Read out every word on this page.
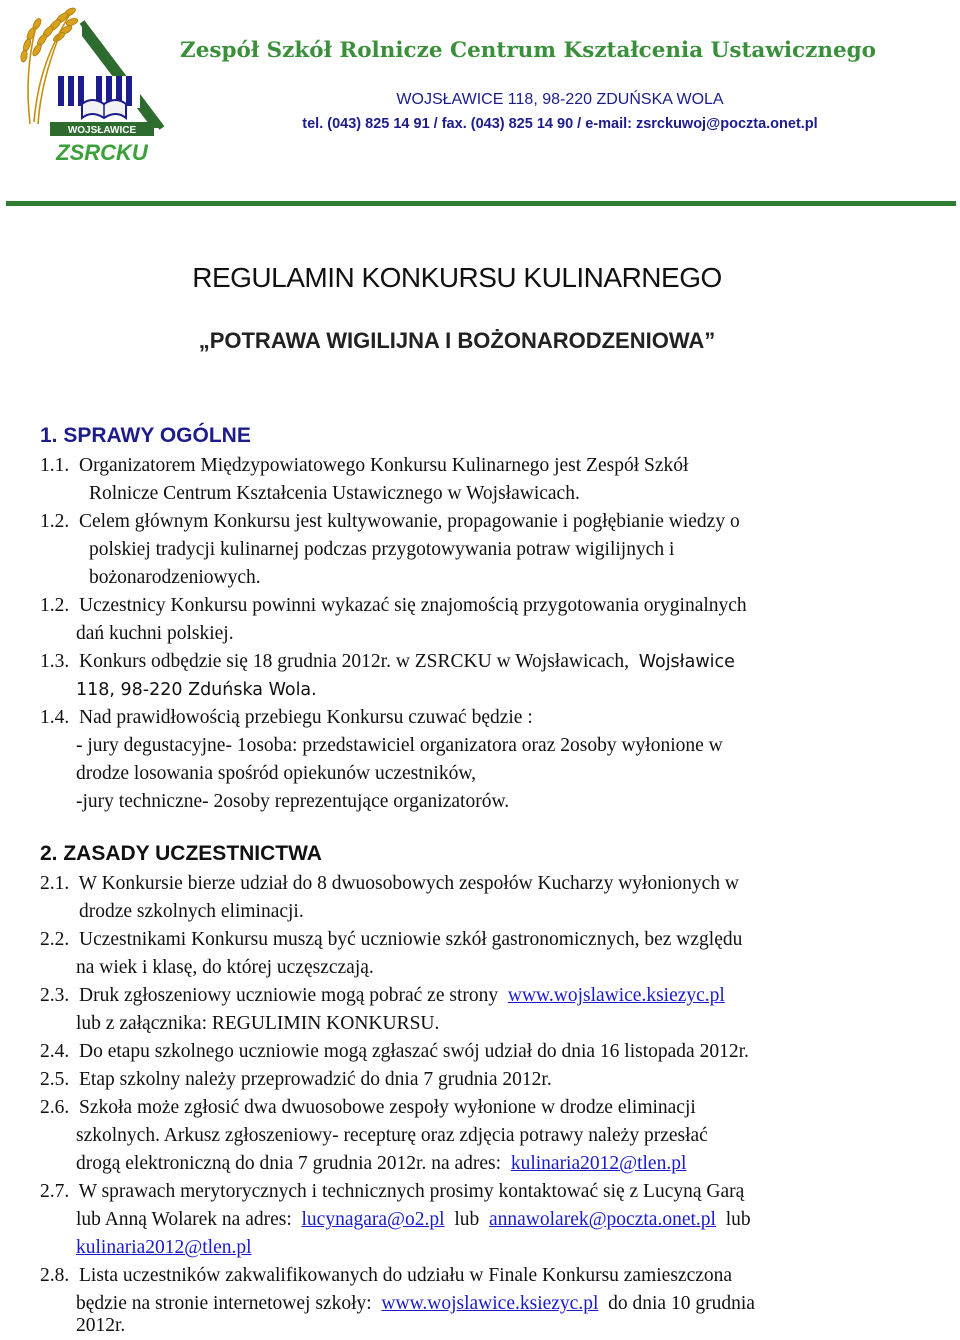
WOJSŁAWICE
ZSRCKU
Zespół Szkół Rolnicze Centrum Kształcenia Ustawicznego
WOJSŁAWICE 118, 98-220 ZDUŃSKA WOLA
tel. (043) 825 14 91 / fax. (043) 825 14 90 / e-mail: zsrckuwoj@poczta.onet.pl
REGULAMIN KONKURSU KULINARNEGO
„POTRAWA WIGILIJNA I BOŻONARODZENIOWA”
1. SPRAWY OGÓLNE
1.1. Organizatorem Międzypowiatowego Konkursu Kulinarnego jest Zespół Szkół
Rolnicze Centrum Kształcenia Ustawicznego w Wojsławicach.
1.2. Celem głównym Konkursu jest kultywowanie, propagowanie i pogłębianie wiedzy o
polskiej tradycji kulinarnej podczas przygotowywania potraw wigilijnych i
bożonarodzeniowych.
1.2. Uczestnicy Konkursu powinni wykazać się znajomością przygotowania oryginalnych
dań kuchni polskiej.
1.3. Konkurs odbędzie się 18 grudnia 2012r. w ZSRCKU w Wojsławicach, Wojsławice
118, 98-220 Zduńska Wola.
1.4. Nad prawidłowością przebiegu Konkursu czuwać będzie :
- jury degustacyjne- 1osoba: przedstawiciel organizatora oraz 2osoby wyłonione w
drodze losowania spośród opiekunów uczestników,
-jury techniczne- 2osoby reprezentujące organizatorów.
2. ZASADY UCZESTNICTWA
2.1. W Konkursie bierze udział do 8 dwuosobowych zespołów Kucharzy wyłonionych w
drodze szkolnych eliminacji.
2.2. Uczestnikami Konkursu muszą być uczniowie szkół gastronomicznych, bez względu
na wiek i klasę, do której uczęszczają.
2.3. Druk zgłoszeniowy uczniowie mogą pobrać ze strony www.wojslawice.ksiezyc.pl
lub z załącznika: REGULIMIN KONKURSU.
2.4. Do etapu szkolnego uczniowie mogą zgłaszać swój udział do dnia 16 listopada 2012r.
2.5. Etap szkolny należy przeprowadzić do dnia 7 grudnia 2012r.
2.6. Szkoła może zgłosić dwa dwuosobowe zespoły wyłonione w drodze eliminacji
szkolnych. Arkusz zgłoszeniowy- recepturę oraz zdjęcia potrawy należy przesłać
drogą elektroniczną do dnia 7 grudnia 2012r. na adres: kulinaria2012@tlen.pl
2.7. W sprawach merytorycznych i technicznych prosimy kontaktować się z Lucyną Garą
lub Anną Wolarek na adres: lucynagara@o2.pl lub annawolarek@poczta.onet.pl lub
kulinaria2012@tlen.pl
2.8. Lista uczestników zakwalifikowanych do udziału w Finale Konkursu zamieszczona
będzie na stronie internetowej szkoły: www.wojslawice.ksiezyc.pl do dnia 10 grudnia
2012r.
